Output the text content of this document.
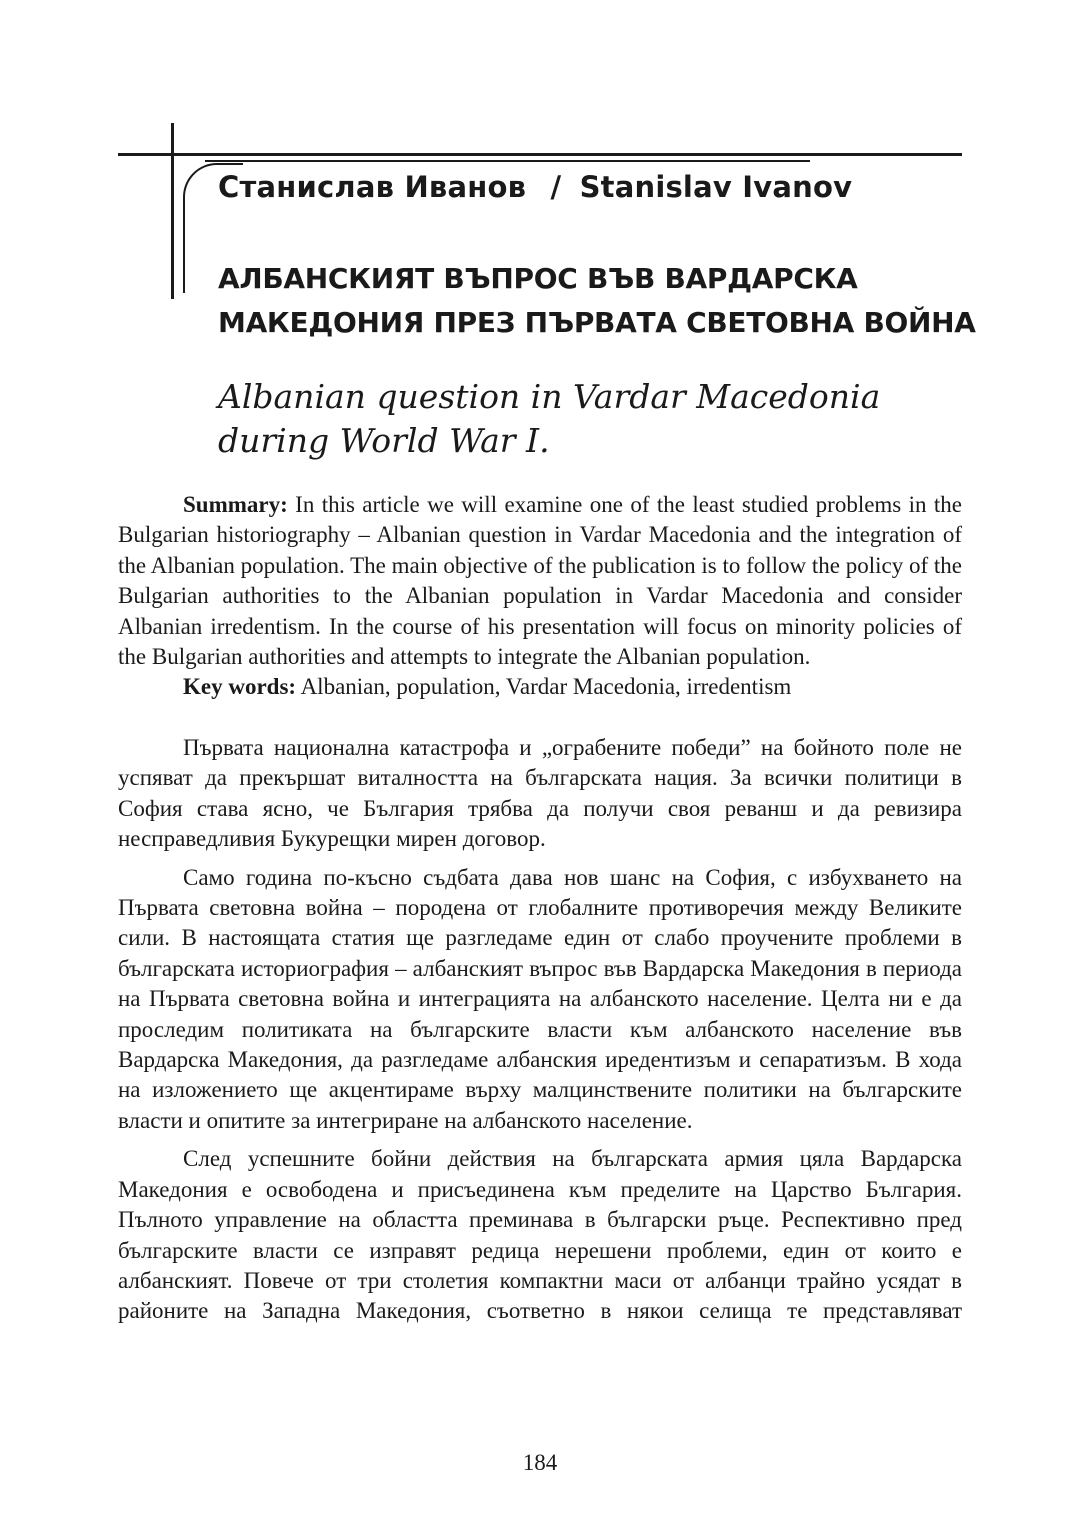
Станислав Иванов / Stanislav Ivanov
АЛБАНСКИЯТ ВЪПРОС ВЪВ ВАРДАРСКА
МАКЕДОНИЯ ПРЕЗ ПЪРВАТА СВЕТОВНА ВОЙНА
Albanian question in Vardar Macedonia
during World War I.

Summary: In this article we will examine one of the least studied problems in the Bulgarian historiography – Albanian question in Vardar Macedonia and the integration of the Albanian population. The main objective of the publication is to follow the policy of the Bulgarian authorities to the Albanian population in Vardar Macedonia and consider Albanian irredentism. In the course of his presentation will focus on minority policies of the Bulgarian authorities and attempts to integrate the Albanian population.

Key words: Albanian, population, Vardar Macedonia, irredentism

Първата национална катастрофа и „ограбените победи” на бойното поле не успяват да прекършат виталността на българската нация. За всички политици в София става ясно, че България трябва да получи своя реванш и да ревизира несправедливия Букурещки мирен договор.

Само година по-късно съдбата дава нов шанс на София, с избухването на Първата световна война – породена от глобалните противоречия между Великите сили. В настоящата статия ще разгледаме един от слабо проучените проблеми в българската историография – албанският въпрос във Вардарска Македония в периода на Първата световна война и интеграцията на албанското население. Целта ни е да проследим политиката на българските власти към албанското население във Вардарска Македония, да разгледаме албанския иредентизъм и сепаратизъм. В хода на изложението ще акцентираме върху малцинствените политики на българските власти и опитите за интегриране на албанското население.

След успешните бойни действия на българската армия цяла Вардарска Македония е освободена и присъединена към пределите на Царство България. Пълното управление на областта преминава в български ръце. Респективно пред българските власти се изправят редица нерешени проблеми, един от които е албанският. Повече от три столетия компактни маси от албанци трайно усядат в районите на Западна Македония, съответно в някои селища те представляват

184
